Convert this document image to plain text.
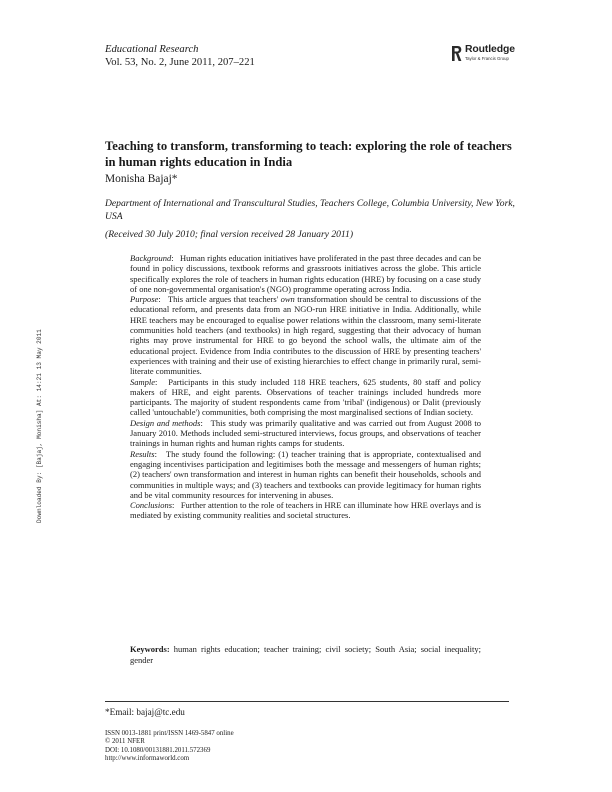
Educational Research
Vol. 53, No. 2, June 2011, 207–221
Routledge
Taylor & Francis Group
Teaching to transform, transforming to teach: exploring the role of teachers in human rights education in India
Monisha Bajaj*
Department of International and Transcultural Studies, Teachers College, Columbia University, New York, USA
(Received 30 July 2010; final version received 28 January 2011)

Background:   Human rights education initiatives have proliferated in the past three decades and can be found in policy discussions, textbook reforms and grassroots initiatives across the globe. This article specifically explores the role of teachers in human rights education (HRE) by focusing on a case study of one non-governmental organisation's (NGO) programme operating across India.

Purpose:   This article argues that teachers' own transformation should be central to discussions of the educational reform, and presents data from an NGO-run HRE initiative in India. Additionally, while HRE teachers may be encouraged to equalise power relations within the classroom, many semi-literate communities hold teachers (and textbooks) in high regard, suggesting that their advocacy of human rights may prove instrumental for HRE to go beyond the school walls, the ultimate aim of the educational project. Evidence from India contributes to the discussion of HRE by presenting teachers' experiences with training and their use of existing hierarchies to effect change in primarily rural, semi-literate communities.

Sample:   Participants in this study included 118 HRE teachers, 625 students, 80 staff and policy makers of HRE, and eight parents. Observations of teacher trainings included hundreds more participants. The majority of student respondents came from 'tribal' (indigenous) or Dalit (previously called 'untouchable') communities, both comprising the most marginalised sections of Indian society.

Design and methods:   This study was primarily qualitative and was carried out from August 2008 to January 2010. Methods included semi-structured interviews, focus groups, and observations of teacher trainings in human rights and human rights camps for students.

Results:   The study found the following: (1) teacher training that is appropriate, contextualised and engaging incentivises participation and legitimises both the message and messengers of human rights; (2) teachers' own transformation and interest in human rights can benefit their households, schools and communities in multiple ways; and (3) teachers and textbooks can provide legitimacy for human rights and be vital community resources for intervening in abuses.

Conclusions:   Further attention to the role of teachers in HRE can illuminate how HRE overlays and is mediated by existing community realities and societal structures.

Keywords: human rights education; teacher training; civil society; South Asia; social inequality; gender
Downloaded By: [Bajaj, Monisha] At: 14:21 13 May 2011
*Email: bajaj@tc.edu
ISSN 0013-1881 print/ISSN 1469-5847 online
© 2011 NFER
DOI: 10.1080/00131881.2011.572369
http://www.informaworld.com
